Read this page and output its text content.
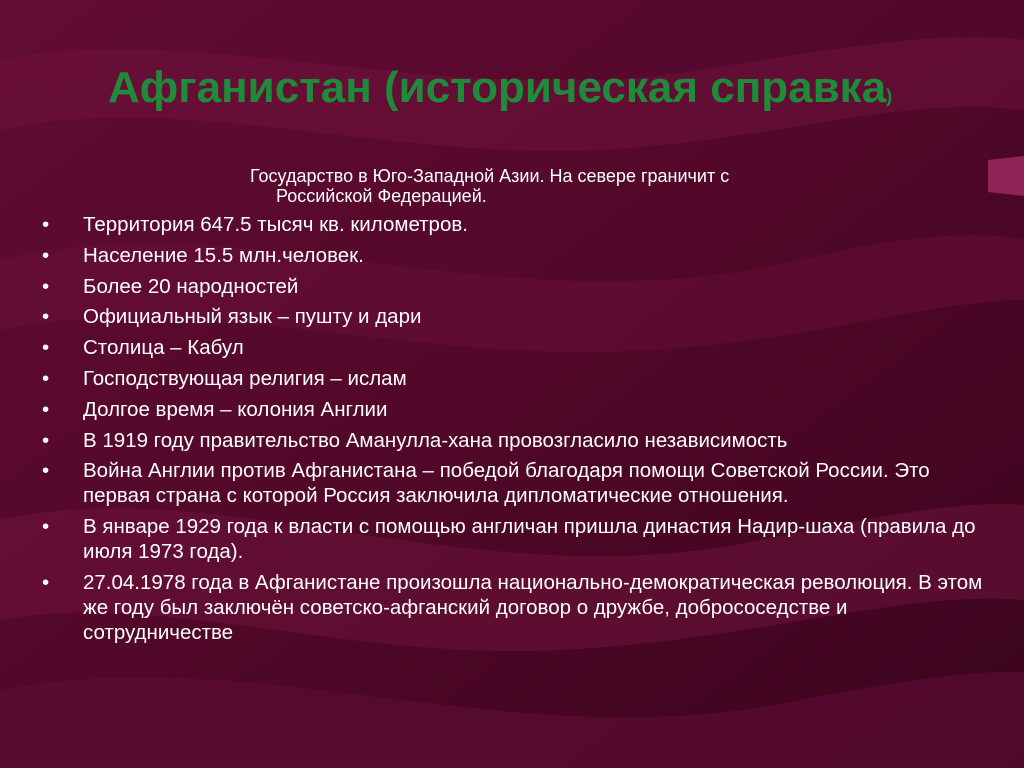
Афганистан (историческая справка)
Государство в Юго-Западной Азии. На севере граничит с
Российской Федерацией.
• Территория 647.5 тысяч кв. километров.
• Население 15.5 млн.человек.
• Более 20 народностей
• Официальный язык – пушту и дари
• Столица – Кабул
• Господствующая религия – ислам
• Долгое время – колония Англии
• В 1919 году правительство Аманулла-хана провозгласило независимость
• Война Англии против Афганистана – победой благодаря помощи Советской России. Это первая страна с которой Россия заключила дипломатические отношения.
• В январе 1929 года к власти с помощью англичан пришла династия Надир-шаха (правила до июля 1973 года).
• 27.04.1978 года в Афганистане произошла национально-демократическая революция. В этом же году был заключён советско-афганский договор о дружбе, добрососедстве и сотрудничестве
